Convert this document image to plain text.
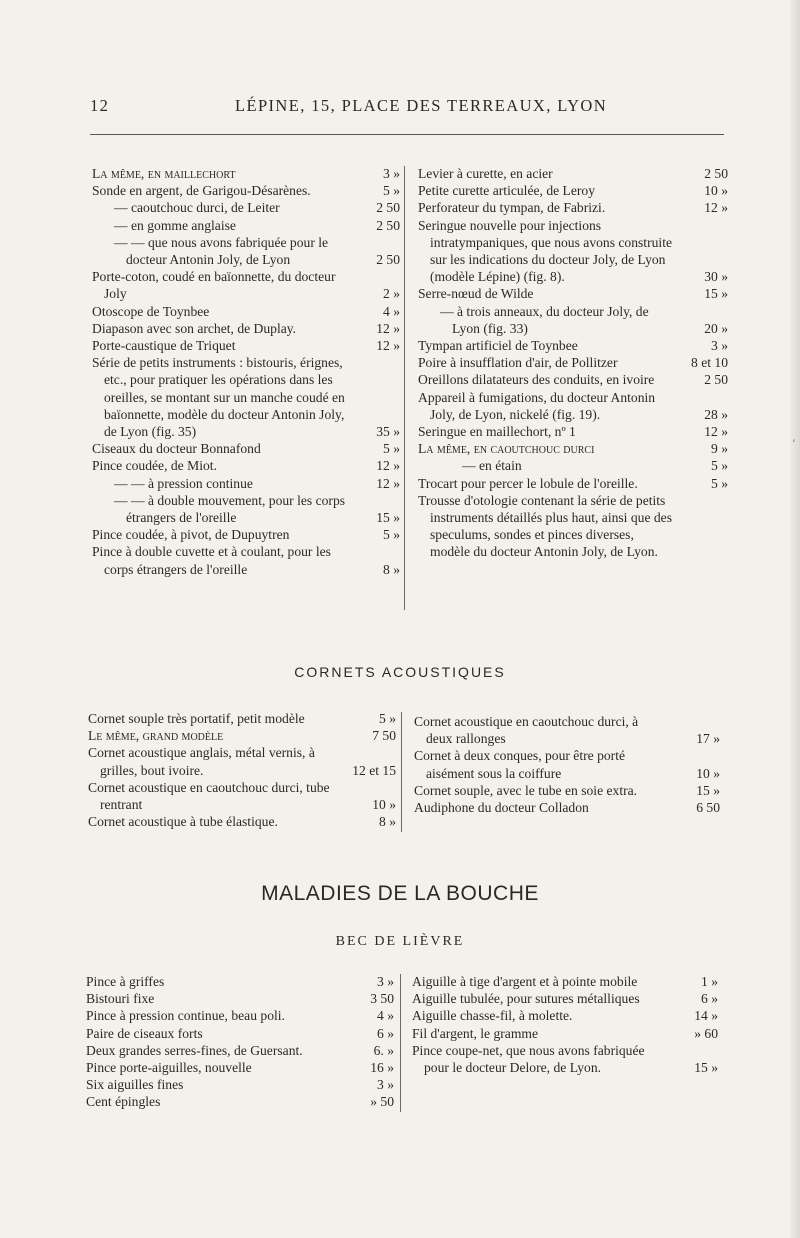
12	LÉPINE, 15, PLACE DES TERREAUX, LYON
La même, en maillechort	3 »
Sonde en argent, de Garigou-Désarènes.	5 »
— caoutchouc durci, de Leiter	2 50
— en gomme anglaise	2 50
— — que nous avons fabriquée pour le docteur Antonin Joly, de Lyon	2 50
Porte-coton, coudé en baïonnette, du docteur Joly	2 »
Otoscope de Toynbee	4 »
Diapason avec son archet, de Duplay.	12 »
Porte-caustique de Triquet	12 »
Série de petits instruments : bistouris, érignes, etc., pour pratiquer les opérations dans les oreilles, se montant sur un manche coudé en baïonnette, modèle du docteur Antonin Joly, de Lyon (fig. 35)	35 »
Ciseaux du docteur Bonnafond	5 »
Pince coudée, de Miot.	12 »
— — à pression continue	12 »
— — à double mouvement, pour les corps étrangers de l'oreille	15 »
Pince coudée, à pivot, de Dupuytren	5 »
Pince à double cuvette et à coulant, pour les corps étrangers de l'oreille	8 »
Levier à curette, en acier	2 50
Petite curette articulée, de Leroy	10 »
Perforateur du tympan, de Fabrizi.	12 »
Seringue nouvelle pour injections intratympaniques, que nous avons construite sur les indications du docteur Joly, de Lyon (modèle Lépine) (fig. 8).	30 »
Serre-nœud de Wilde	15 »
— à trois anneaux, du docteur Joly, de Lyon (fig. 33)	20 »
Tympan artificiel de Toynbee	3 »
Poire à insufflation d'air, de Pollitzer	8 et 10
Oreillons dilatateurs des conduits, en ivoire	2 50
Appareil à fumigations, du docteur Antonin Joly, de Lyon, nickelé (fig. 19).	28 »
Seringue en maillechort, nº 1	12 »
La même, en caoutchouc durci	9 »
— en étain	5 »
Trocart pour percer le lobule de l'oreille.	5 »
Trousse d'otologie contenant la série de petits instruments détaillés plus haut, ainsi que des speculums, sondes et pinces diverses, modèle du docteur Antonin Joly, de Lyon.
CORNETS ACOUSTIQUES
Cornet souple très portatif, petit modèle	5 »
Le même, grand modèle	7 50
Cornet acoustique anglais, métal vernis, à grilles, bout ivoire.	12 et 15
Cornet acoustique en caoutchouc durci, tube rentrant	10 »
Cornet acoustique à tube élastique.	8 »
Cornet acoustique en caoutchouc durci, à deux rallonges	17 »
Cornet à deux conques, pour être porté aisément sous la coiffure	10 »
Cornet souple, avec le tube en soie extra.	15 »
Audiphone du docteur Colladon	6 50
MALADIES DE LA BOUCHE
BEC DE LIÈVRE
Pince à griffes	3 »
Bistouri fixe	3 50
Pince à pression continue, beau poli.	4 »
Paire de ciseaux forts	6 »
Deux grandes serres-fines, de Guersant.	6. »
Pince porte-aiguilles, nouvelle	16 »
Six aiguilles fines	3 »
Cent épingles	» 50
Aiguille à tige d'argent et à pointe mobile	1 »
Aiguille tubulée, pour sutures métalliques	6 »
Aiguille chasse-fil, à molette.	14 »
Fil d'argent, le gramme	» 60
Pince coupe-net, que nous avons fabriquée pour le docteur Delore, de Lyon.	15 »
‘
